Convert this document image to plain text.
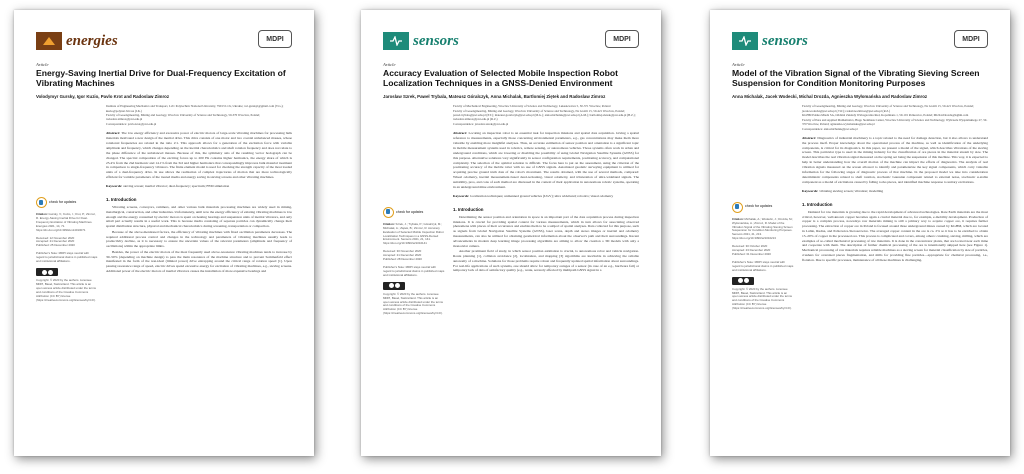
energies	MDPI
Article
Energy-Saving Inertial Drive for Dual-Frequency Excitation of Vibrating Machines
Volodymyr Gursky, Igor Kuzio, Pavlo Krot and Radoslaw Zimroz

Institute of Engineering Mechanics and Transport, Lviv Polytechnic National University, 79013 Lviv, Ukraine; vol.gurskyi@gmail.com (V.G.); kuzio@polynet.lviv.ua (I.K.)

Faculty of Geoengineering, Mining and Geology, Wroclaw University of Science and Technology, 50-370 Wroclaw, Poland; radoslaw.zimroz@pwr.edu.pl

Correspondence: pavlo.krot@pwr.edu.pl

Abstract: The low energy efficiency and excessive power of electric motors of large-scale vibrating machines for processing bulk materials motivated a new design of the inertial drive. This drive consists of one motor and two coaxial unbalanced masses, whose rotational frequencies are related in the ratio 2:1. This approach allows for a generation of the excitation force with variable amplitude and frequency, which changes depending on the inertial characteristics and shaft rotation frequency and does not relate to the phase difference of the unbalanced masses. Because of this, the symmetry axis of the resulting vector hodograph can be changed. The spectral composition of the exciting forces up to 200 Hz contains higher harmonics, the energy share of which is 25.4% from the 2nd harmonic and 14.1% from the 3rd and higher harmonics that correspondingly improves bulk material treatment in comparison to single-frequency vibrators. The finite element model is used for checking the strength capacity of the most loaded units of a dual-frequency drive. In use allows the realization of complex trajectories of motion that are more technologically efficient for variable parameters of the treated media and energy saving in sieving screens and other vibrating machines.
Keywords: sieving screen; inertial vibrator; dual-frequency; spectrum; FEM simulation
check for updates
Citation: Gursky, V.; Kuzio, I.; Krot, P.; Zimroz, R. Energy-Saving Inertial Drive for Dual-Frequency Excitation of Vibrating Machines. Energies 2021, 14, 71. https://dx.doi.org/10.3390/en14010071
Received: 12 November 2020
Accepted: 21 December 2020
Published: 25 December 2020
Publisher's Note: MDPI stays neutral with regard to jurisdictional claims in published maps and institutional affiliations.
Copyright: © 2020 by the authors. Licensee MDPI, Basel, Switzerland. This article is an open access article distributed under the terms and conditions of the Creative Commons Attribution (CC BY) license (https://creativecommons.org/licenses/by/4.0/).
1. Introduction

Vibrating screens, conveyors, rammers, and other various bulk materials processing machines are widely used in mining, metallurgical, construction, and other industries. Unfortunately, until now the energy efficiency of existing vibrating machines is low enough and the energy consumed by electric motors is spent on heating bearings and suspension units of inertial vibrators, and only small part actually results in a useful work. This is because media consisting of separate particles can dynamically change their spatial distribution structure, physical and mechanical characteristics during screening, transportation or compaction.

Because of the above-mentioned factors, the efficiency of vibrating machines with fixed oscillation parameters decreases. The required additional process control and changes in the technology and parameters of vibrating machines usually leads to productivity decline, as it is necessary to ensure the uncertain values of the relevant parameters (amplitude and frequency of oscillations) within the appropriate limits.

Besides, the power of the electric motors of the most frequently used above-resonance vibrating machines tends to increase by 30–50% (depending on machine design) to pass the main resonance of the machine structure and to prevent Sommerfeld effect manifested in the form of the non-ideal (limited power) drive entrapping around the critical range of rotation speed [1]. Upon passing resonance range of speed, electric drives spend excessive energy for excitation of vibrating machines, e.g., sieving screens. Additional power of the electric motors of inertial vibrators causes the installation of more expensive bearings and

sensors	MDPI
Article
Accuracy Evaluation of Selected Mobile Inspection Robot Localization Techniques in a GNSS-Denied Environment
Jaroslaw Szrek, Pawel Trybala, Mateusz Góralczyk, Anna Michalak, Bartlomiej Ziętek and Radoslaw Zimroz

Faculty of Mechanical Engineering, Wroclaw University of Science and Technology, Lukasiewicza 5, 50-371 Wroclaw, Poland

Faculty of Geoengineering, Mining and Geology, Wroclaw University of Science and Technology, Na Grobli 15, 50-421 Wroclaw, Poland; pawel.trybala@pwr.edu.pl (P.T.); mateusz.goralczyk@pwr.edu.pl (M.G.); anna.michalak@pwr.edu.pl (A.M.); bartlomiej.zietek@pwr.edu.pl (B.Z.); radoslaw.zimroz@pwr.edu.pl (R.Z.)

Correspondence: jaroslaw.szrek@pwr.edu.pl

Abstract: Locating an inspection robot is an essential task for inspection missions and spatial data acquisition. Giving a spatial reference to measurements, especially those concerning environmental parameters, e.g., gas concentrations may make them more valuable by enabling more insightful analyses. Thus, an accurate estimation of sensor position and orientation is a significant topic in mobile measurement systems used in robotics, remote sensing, or autonomous vehicles. Those systems often work in urban and underground conditions, which are lowering or disabling the possibility of using Global Navigation Satellite Systems (GNSS) for this purpose. Alternative solutions vary significantly in sensor configuration requirements, positioning accuracy, and computational complexity. The selection of the optimal solution is difficult. The focus here is put on the assessment, using the criterion of the positioning accuracy of the mobile robot with no use of GNSS signals. Automated geodetic surveying equipment is utilized for acquiring precise ground truth data of the robot's movement. The results obtained, with the use of several methods, compared: Wheel odometry, inertial measurement-based dead-reckoning, visual odometry, and trilateration of ultra-wideband signals. The suitability, pros, and cons of each method are discussed in the context of their application in autonomous robotic systems, operating in an underground mine environment.
Keywords: localization techniques; unmanned ground vehicles (UGV); ultra wideband; robotics; visual odometry
check for updates
Citation: Szrek, J.; Trybala, P.; Góralczyk, M.; Michalak, A.; Ziętek, B.; Zimroz, R. Accuracy Evaluation of Selected Mobile Inspection Robot Localization Techniques in a GNSS-Denied Environment. Sensors 2021, 21, 141. https://doi.org/10.3390/s21010141
Received: 30 November 2020
Accepted: 21 December 2020
Published: 28 December 2020
Publisher's Note: MDPI stays neutral with regard to jurisdictional claims in published maps and institutional affiliations.
Copyright: © 2020 by the authors. Licensee MDPI, Basel, Switzerland. This article is an open access article distributed under the terms and conditions of the Creative Commons Attribution (CC BY) license (https://creativecommons.org/licenses/by/4.0/).
1. Introduction

Determining the sensor position and orientation in space is an important part of the data acquisition process during inspection missions. It is crucial for providing spatial context for various measurements, which in turn allows for associating observed phenomena with places of their occurrence and enables them to be a subject of spatial analyses. Data collected for this purpose, such as signals from Global Navigation Satellite Systems (GNSS), laser scans, depth and stereo images or inertial and odometry measurements, can also be utilized for obtaining geometrical information about the observer's path and their surroundings. Recent advancements in modern deep learning image processing algorithms are aiming to allow the creation o 3D models with only a monocular camera.

Another prominent field of study, in which sensor position estimation is crucial, is autonomous robot and vehicle navigation. Route planning [1], collision avoidance [2], localization, and mapping [3] algorithms are inevitable in achieving the reliable autonomy of a machine. Solutions for those problems require robust and frequently updated spatial information about surroundings. For real-life applications of such systems, one should allow for temporary outages of a sensor (in case of an e.g., hardware fail) or temporary lack of data of satisfactory quality (e.g., weak, severely affected by multipath GNSS signal in a

sensors	MDPI
Article
Model of the Vibration Signal of the Vibrating Sieving Screen Suspension for Condition Monitoring Purposes
Anna Michalak, Jacek Wodecki, Michal Drozda, Agnieszka Wyłomańska and Radoslaw Zimroz

Faculty of Geoengineering, Mining and Geology, Wroclaw University of Science and Technology, Na Grobli 15, 50-421 Wroclaw, Poland; jacek.wodecki@pwr.edu.pl (J.W.); radoslaw.zimroz@pwr.edu.pl (R.Z.)

KGHM Polska Miedz SA, Oddzial Zaklady Wzbogacania Rud, Kopalniana 1, 59-101 Polkowice, Poland; Michal.Drozda@kghm.com

Faculty of Pure and Applied Mathematics, Hugo Steinhaus Center, Wroclaw University of Science and Technology, Wybrzeże Wyspiańskiego 27, 50-370 Wroclaw, Poland; agnieszka.wylomanska@pwr.edu.pl

Correspondence: anna.michalak@pwr.edu.pl

Abstract: Diagnostics of industrial machinery is a topic related to the need for damage detection, but it also allows to understand the process itself. Proper knowledge about the operational process of the machine, as well as identification of the underlying components, is critical for its diagnostics. In this paper, we present a model of the signal, which describes vibrations of the sieving screen. This particular type is used in the mining industry for the classification of ore pieces in the material stream by size. The model describes the real vibration signal measured on the spring set being the suspension of this machine. This way, it is expected to help in better understanding how the overall motion of the machine can impact the efforts of diagnostics. The analysis of real vibration signals measured on the screen allowed to identify and parameterize the key signal components, which carry valuable information for the following stages of diagnostic process of that machine. In the proposed model we take into consideration deterministic components related to shaft rotation, stochastic Gaussian component related to external noise, stochastic α-stable component as a model of excitations caused by falling rocks pieces, and identified machine response to unitary excitations.
Keywords: vibrating sieving screen; vibration; modelling
check for updates
Citation: Michalak, A.; Wodecki, J.; Drozda, M.; Wyłomańska, A.; Zimroz, R. Model of the Vibration Signal of the Vibrating Sieving Screen Suspension for Condition Monitoring Purposes. Sensors 2021, 21, 213. https://doi.org/10.3390/s21010213
Received: 30 October 2020
Accepted: 23 December 2020
Published: 31 December 2020
Publisher's Note: MDPI stays neutral with regard to jurisdictional claims in published maps and institutional affiliations.
Copyright: © 2020 by the authors. Licensee MDPI, Basel, Switzerland. This article is an open access article distributed under the terms and conditions of the Creative Commons Attribution (CC BY) license (https://creativecommons.org/licenses/by/4.0/).
1. Introduction

Demand for raw materials is growing due to the rapid development of advanced technologies. Rare Earth materials are the most critical, however, well-known copper becomes again a crucial material due to, for example, e-mobility development. Production of copper is a complex process, nowadays raw materials mining is still a primary way to acquire copper ore, it requires further processing. The extraction of copper ore in Poland is focused around three underground mines owned by KGHM, which are located in Lubin, Rudna, and Polkowice-Sieroszowice. The averaged copper content in the ore is ca. 2% so it has to be enriched to obtain 15–20% of copper in the processed ore. This process is complicated and covers, among others: crushing, sieving, milling, which are examples of so-called mechanical processing of raw materials. It is done in the concentrator plants, that are located near each mine and cooperate with them. The description of further chemical processing of the ore is intentionally skipped here (see Figure 1). Mechanical processing of raw materials requires reliable machines as a sieving screen for material classification by size of particles, crushers for oversized pieces fragmentation, and mills for providing fine particles—appropriate for chemical processing, i.e., flotation. Due to specific processes, maintenance of all these machines is challenging.
